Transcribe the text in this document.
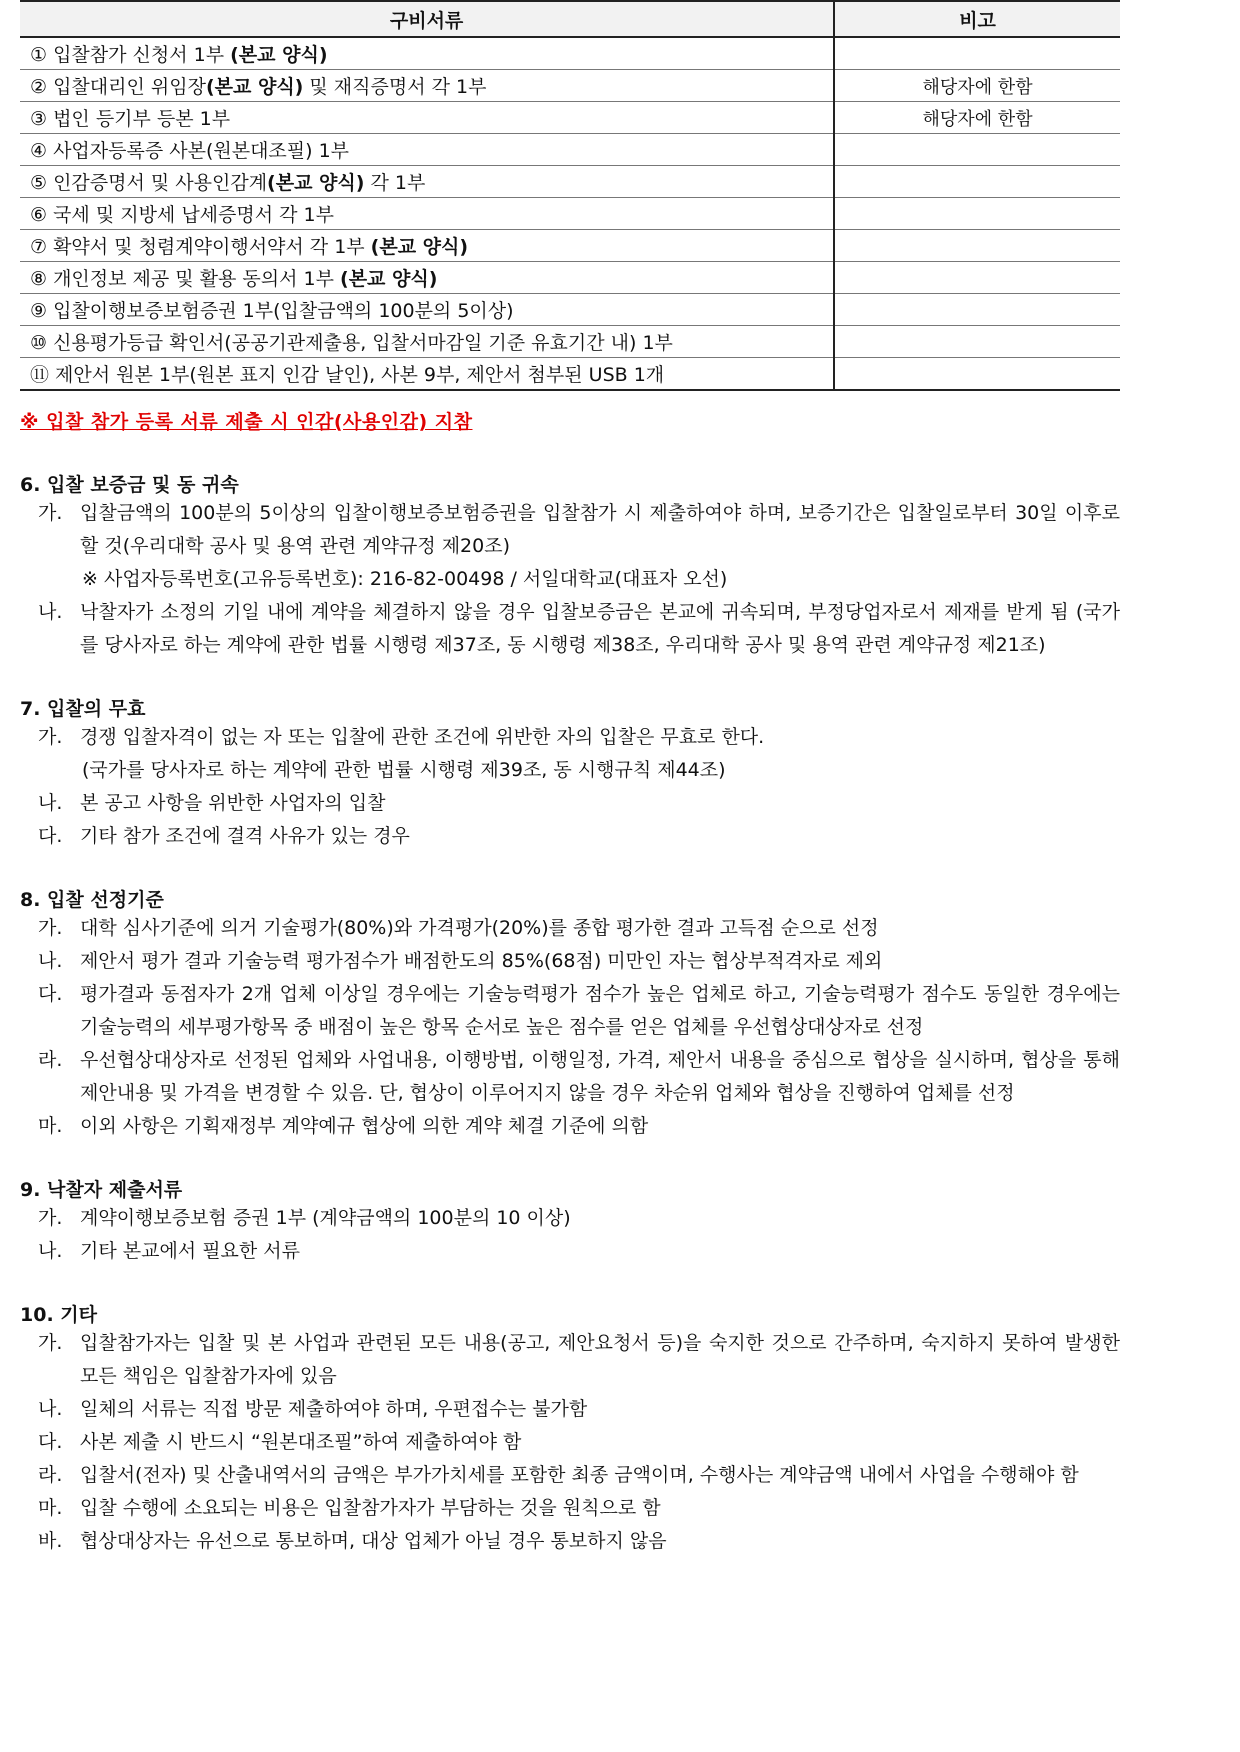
구비서류	비고
① 입찰참가 신청서 1부 (본교 양식)	
② 입찰대리인 위임장(본교 양식) 및 재직증명서 각 1부	해당자에 한함
③ 법인 등기부 등본 1부	해당자에 한함
④ 사업자등록증 사본(원본대조필) 1부	
⑤ 인감증명서 및 사용인감계(본교 양식) 각 1부	
⑥ 국세 및 지방세 납세증명서 각 1부	
⑦ 확약서 및 청렴계약이행서약서 각 1부 (본교 양식)	
⑧ 개인정보 제공 및 활용 동의서 1부 (본교 양식)	
⑨ 입찰이행보증보험증권 1부(입찰금액의 100분의 5이상)	
⑩ 신용평가등급 확인서(공공기관제출용, 입찰서마감일 기준 유효기간 내) 1부	
⑪ 제안서 원본 1부(원본 표지 인감 날인), 사본 9부, 제안서 첨부된 USB 1개	
※ 입찰 참가 등록 서류 제출 시 인감(사용인감) 지참
6. 입찰 보증금 및 동 귀속

가. 입찰금액의 100분의 5이상의 입찰이행보증보험증권을 입찰참가 시 제출하여야 하며, 보증기간은 입찰일로부터 30일 이후로 할 것(우리대학 공사 및 용역 관련 계약규정 제20조)

※ 사업자등록번호(고유등록번호): 216-82-00498 / 서일대학교(대표자 오선)

나. 낙찰자가 소정의 기일 내에 계약을 체결하지 않을 경우 입찰보증금은 본교에 귀속되며, 부정당업자로서 제재를 받게 됨 (국가를 당사자로 하는 계약에 관한 법률 시행령 제37조, 동 시행령 제38조, 우리대학 공사 및 용역 관련 계약규정 제21조)

7. 입찰의 무효

가. 경쟁 입찰자격이 없는 자 또는 입찰에 관한 조건에 위반한 자의 입찰은 무효로 한다.

(국가를 당사자로 하는 계약에 관한 법률 시행령 제39조, 동 시행규칙 제44조)

나. 본 공고 사항을 위반한 사업자의 입찰

다. 기타 참가 조건에 결격 사유가 있는 경우

8. 입찰 선정기준

가. 대학 심사기준에 의거 기술평가(80%)와 가격평가(20%)를 종합 평가한 결과 고득점 순으로 선정

나. 제안서 평가 결과 기술능력 평가점수가 배점한도의 85%(68점) 미만인 자는 협상부적격자로 제외

다. 평가결과 동점자가 2개 업체 이상일 경우에는 기술능력평가 점수가 높은 업체로 하고, 기술능력평가 점수도 동일한 경우에는 기술능력의 세부평가항목 중 배점이 높은 항목 순서로 높은 점수를 얻은 업체를 우선협상대상자로 선정

라. 우선협상대상자로 선정된 업체와 사업내용, 이행방법, 이행일정, 가격, 제안서 내용을 중심으로 협상을 실시하며, 협상을 통해 제안내용 및 가격을 변경할 수 있음. 단, 협상이 이루어지지 않을 경우 차순위 업체와 협상을 진행하여 업체를 선정

마. 이외 사항은 기획재정부 계약예규 협상에 의한 계약 체결 기준에 의함

9. 낙찰자 제출서류

가. 계약이행보증보험 증권 1부 (계약금액의 100분의 10 이상)

나. 기타 본교에서 필요한 서류

10. 기타

가. 입찰참가자는 입찰 및 본 사업과 관련된 모든 내용(공고, 제안요청서 등)을 숙지한 것으로 간주하며, 숙지하지 못하여 발생한 모든 책임은 입찰참가자에 있음

나. 일체의 서류는 직접 방문 제출하여야 하며, 우편접수는 불가함

다. 사본 제출 시 반드시 “원본대조필”하여 제출하여야 함

라. 입찰서(전자) 및 산출내역서의 금액은 부가가치세를 포함한 최종 금액이며, 수행사는 계약금액 내에서 사업을 수행해야 함

마. 입찰 수행에 소요되는 비용은 입찰참가자가 부담하는 것을 원칙으로 함

바. 협상대상자는 유선으로 통보하며, 대상 업체가 아닐 경우 통보하지 않음
